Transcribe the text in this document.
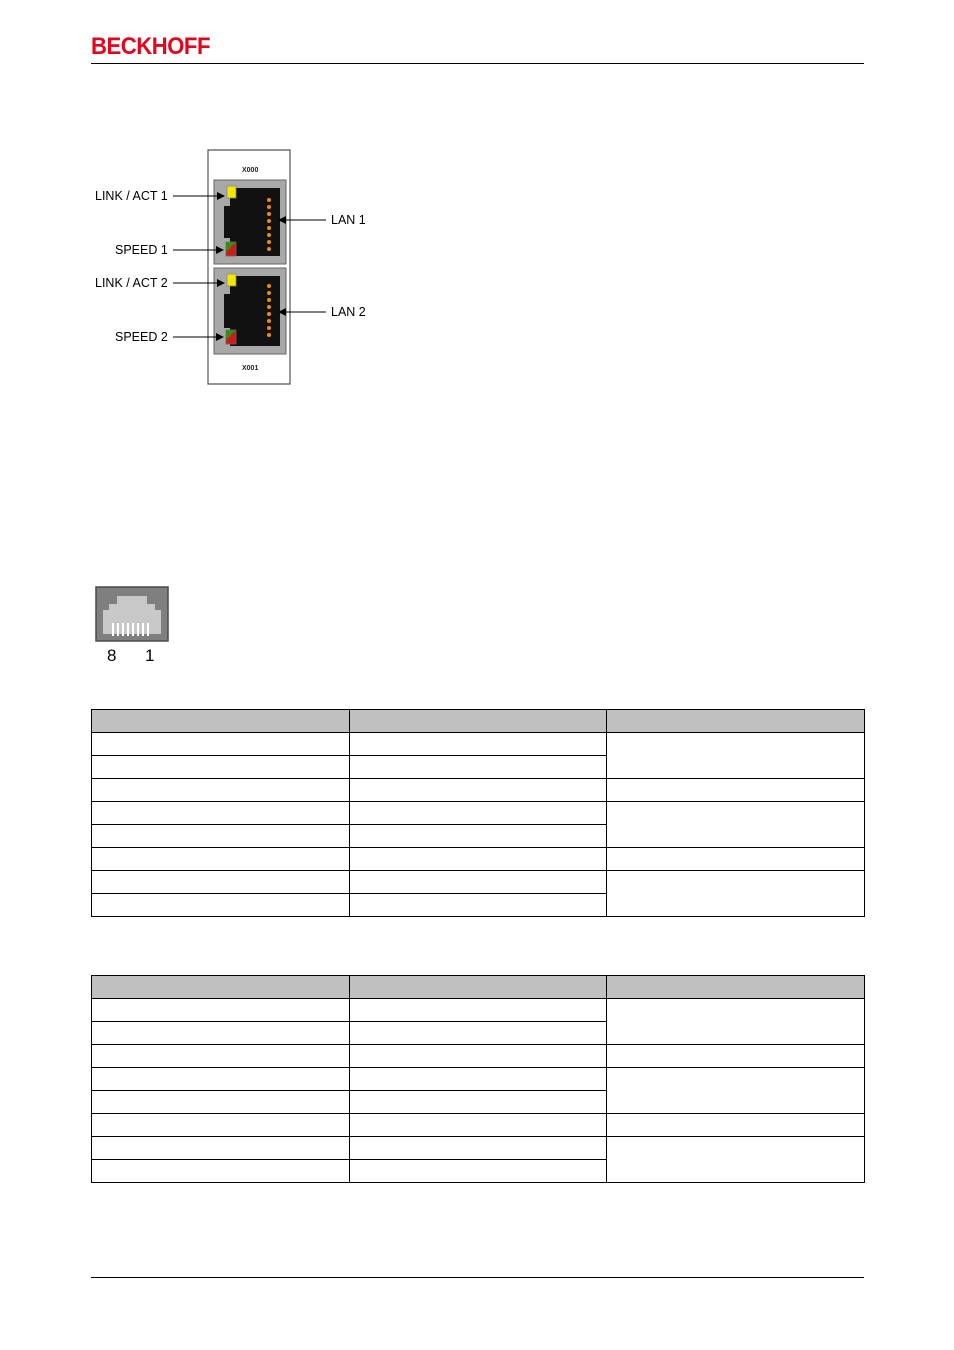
BECKHOFF
X000
X001
LINK / ACT 1
SPEED 1
LINK / ACT 2
SPEED 2
LAN 1
LAN 2
8 1
